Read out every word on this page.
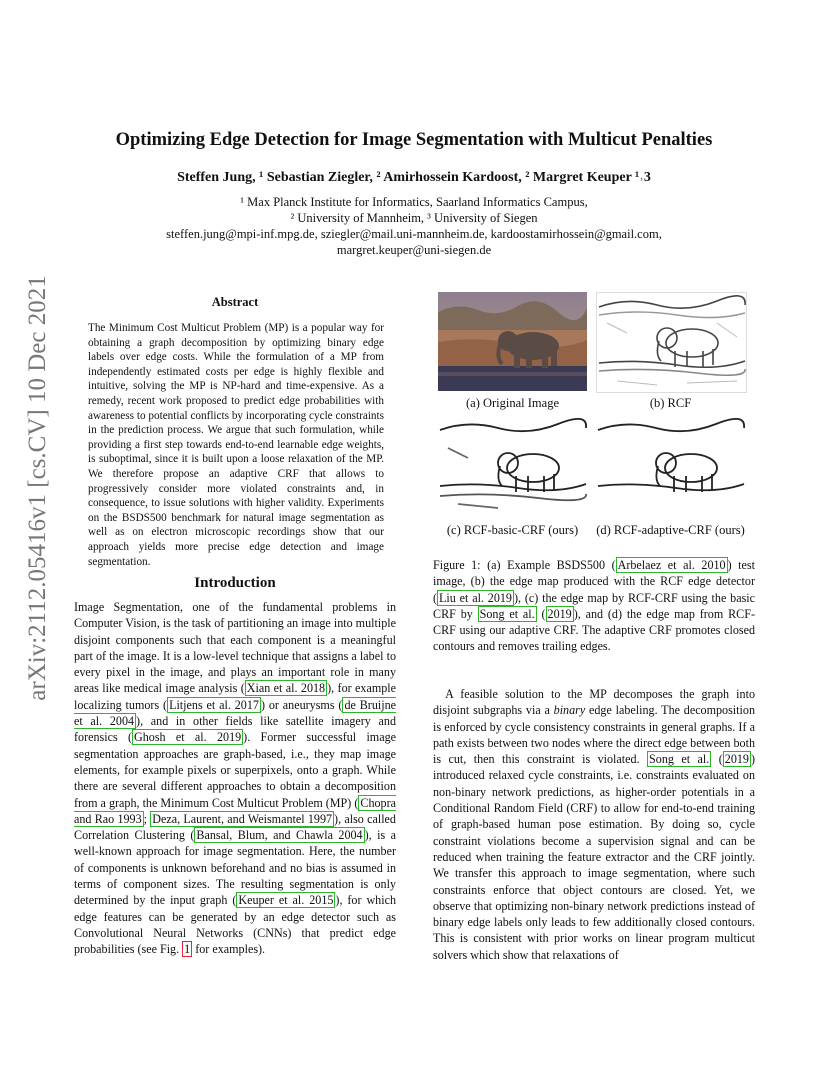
Optimizing Edge Detection for Image Segmentation with Multicut Penalties
Steffen Jung, ¹ Sebastian Ziegler, ² Amirhossein Kardoost, ² Margret Keuper ¹˒3
¹ Max Planck Institute for Informatics, Saarland Informatics Campus,
² University of Mannheim, ³ University of Siegen
steffen.jung@mpi-inf.mpg.de, sziegler@mail.uni-mannheim.de, kardoostamirhossein@gmail.com,
margret.keuper@uni-siegen.de
arXiv:2112.05416v1 [cs.CV] 10 Dec 2021	Abstract
The Minimum Cost Multicut Problem (MP) is a popular way for obtaining a graph decomposition by optimizing binary edge labels over edge costs. While the formulation of a MP from independently estimated costs per edge is highly flexible and intuitive, solving the MP is NP-hard and time-expensive. As a remedy, recent work proposed to predict edge probabilities with awareness to potential conflicts by incorporating cycle constraints in the prediction process. We argue that such formulation, while providing a first step towards end-to-end learnable edge weights, is suboptimal, since it is built upon a loose relaxation of the MP. We therefore propose an adaptive CRF that allows to progressively consider more violated constraints and, in consequence, to issue solutions with higher validity. Experiments on the BSDS500 benchmark for natural image segmentation as well as on electron microscopic recordings show that our approach yields more precise edge detection and image segmentation.
Introduction
Image Segmentation, one of the fundamental problems in Computer Vision, is the task of partitioning an image into multiple disjoint components such that each component is a meaningful part of the image. It is a low-level technique that assigns a label to every pixel in the image, and plays an important role in many areas like medical image analysis ( Xian et al. 2018 ), for example localizing tumors ( Litjens et al. 2017 ) or aneurysms ( de Bruijne et al. 2004 ), and in other fields like satellite imagery and forensics ( Ghosh et al. 2019 ). Former successful image segmentation approaches are graph-based, i.e., they map image elements, for example pixels or superpixels, onto a graph. While there are several different approaches to obtain a decomposition from a graph, the Minimum Cost Multicut Problem (MP) ( Chopra and Rao 1993 ; Deza, Laurent, and Weismantel 1997 ), also called Correlation Clustering ( Bansal, Blum, and Chawla 2004 ), is a well-known approach for image segmentation. Here, the number of components is unknown beforehand and no bias is assumed in terms of component sizes. The resulting segmentation is only determined by the input graph ( Keuper et al. 2015 ), for which edge features can be generated by an edge detector such as Convolutional Neural Networks (CNNs) that predict edge probabilities (see Fig. 1 for examples).
(a) Original Image	(b) RCF
(c) RCF-basic-CRF (ours)	(d) RCF-adaptive-CRF (ours)
Figure 1: (a) Example BSDS500 ( Arbelaez et al. 2010 ) test image, (b) the edge map produced with the RCF edge detector ( Liu et al. 2019 ), (c) the edge map by RCF-CRF using the basic CRF by Song et al. ( 2019 ), and (d) the edge map from RCF-CRF using our adaptive CRF. The adaptive CRF promotes closed contours and removes trailing edges.
 A feasible solution to the MP decomposes the graph into disjoint subgraphs via a binary edge labeling. The decomposition is enforced by cycle consistency constraints in general graphs. If a path exists between two nodes where the direct edge between both is cut, then this constraint is violated. Song et al. ( 2019 ) introduced relaxed cycle constraints, i.e. constraints evaluated on non-binary network predictions, as higher-order potentials in a Conditional Random Field (CRF) to allow for end-to-end training of graph-based human pose estimation. By doing so, cycle constraint violations become a supervision signal and can be reduced when training the feature extractor and the CRF jointly. We transfer this approach to image segmentation, where such constraints enforce that object contours are closed. Yet, we observe that optimizing non-binary network predictions instead of binary edge labels only leads to few additionally closed contours. This is consistent with prior works on linear program multicut solvers which show that relaxations of
